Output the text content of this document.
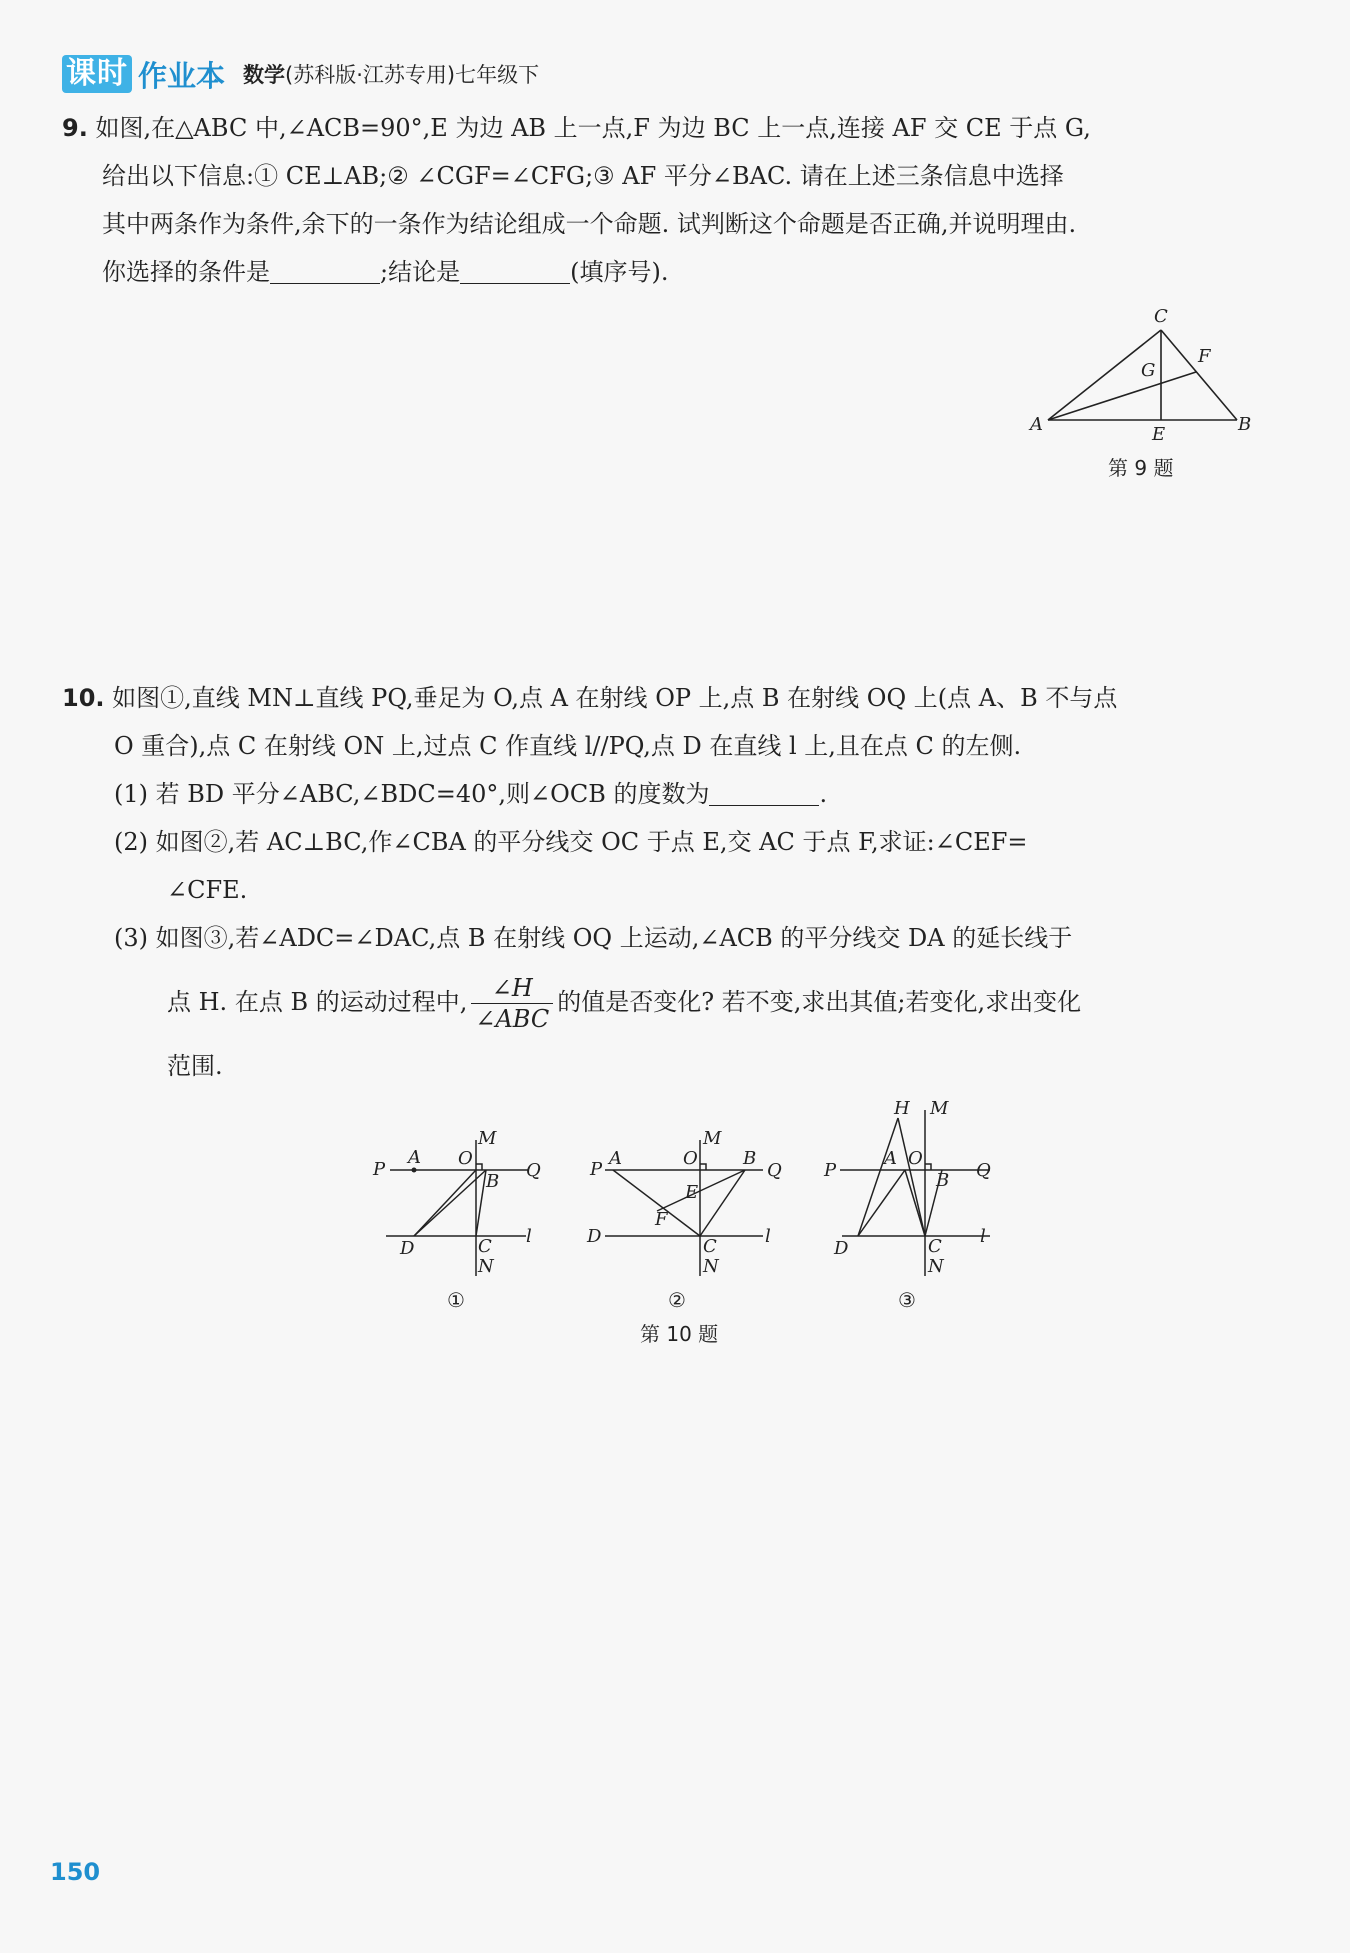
课时 作业本 数学(苏科版·江苏专用)七年级下
9. 如图,在△ABC 中,∠ACB=90°,E 为边 AB 上一点,F 为边 BC 上一点,连接 AF 交 CE 于点 G,
给出以下信息:① CE⊥AB;② ∠CGF=∠CFG;③ AF 平分∠BAC. 请在上述三条信息中选择
其中两条作为条件,余下的一条作为结论组成一个命题. 试判断这个命题是否正确,并说明理由.
你选择的条件是	;结论是	(填序号).
C
F
G
A	E	B
第 9 题
10. 如图①,直线 MN⊥直线 PQ,垂足为 O,点 A 在射线 OP 上,点 B 在射线 OQ 上(点 A、B 不与点
O 重合),点 C 在射线 ON 上,过点 C 作直线 l//PQ,点 D 在直线 l 上,且在点 C 的左侧.
(1) 若 BD 平分∠ABC,∠BDC=40°,则∠OCB 的度数为	.
(2) 如图②,若 AC⊥BC,作∠CBA 的平分线交 OC 于点 E,交 AC 于点 F,求证:∠CEF=
∠CFE.
(3) 如图③,若∠ADC=∠DAC,点 B 在射线 OQ 上运动,∠ACB 的平分线交 DA 的延长线于
点 H. 在点 B 的运动过程中, $\frac{\angle H}{\text{∠ABC}}$ 的值是否变化? 若不变,求出其值;若变化,求出变化
范围.
P
A O
M
B
Q
D	C
N
l
①
P
A	O
M
B
Q
E
F
D	C
N
l
②
H M
P
A O
B Q
D	C
N
l
③
第 10 题
150
